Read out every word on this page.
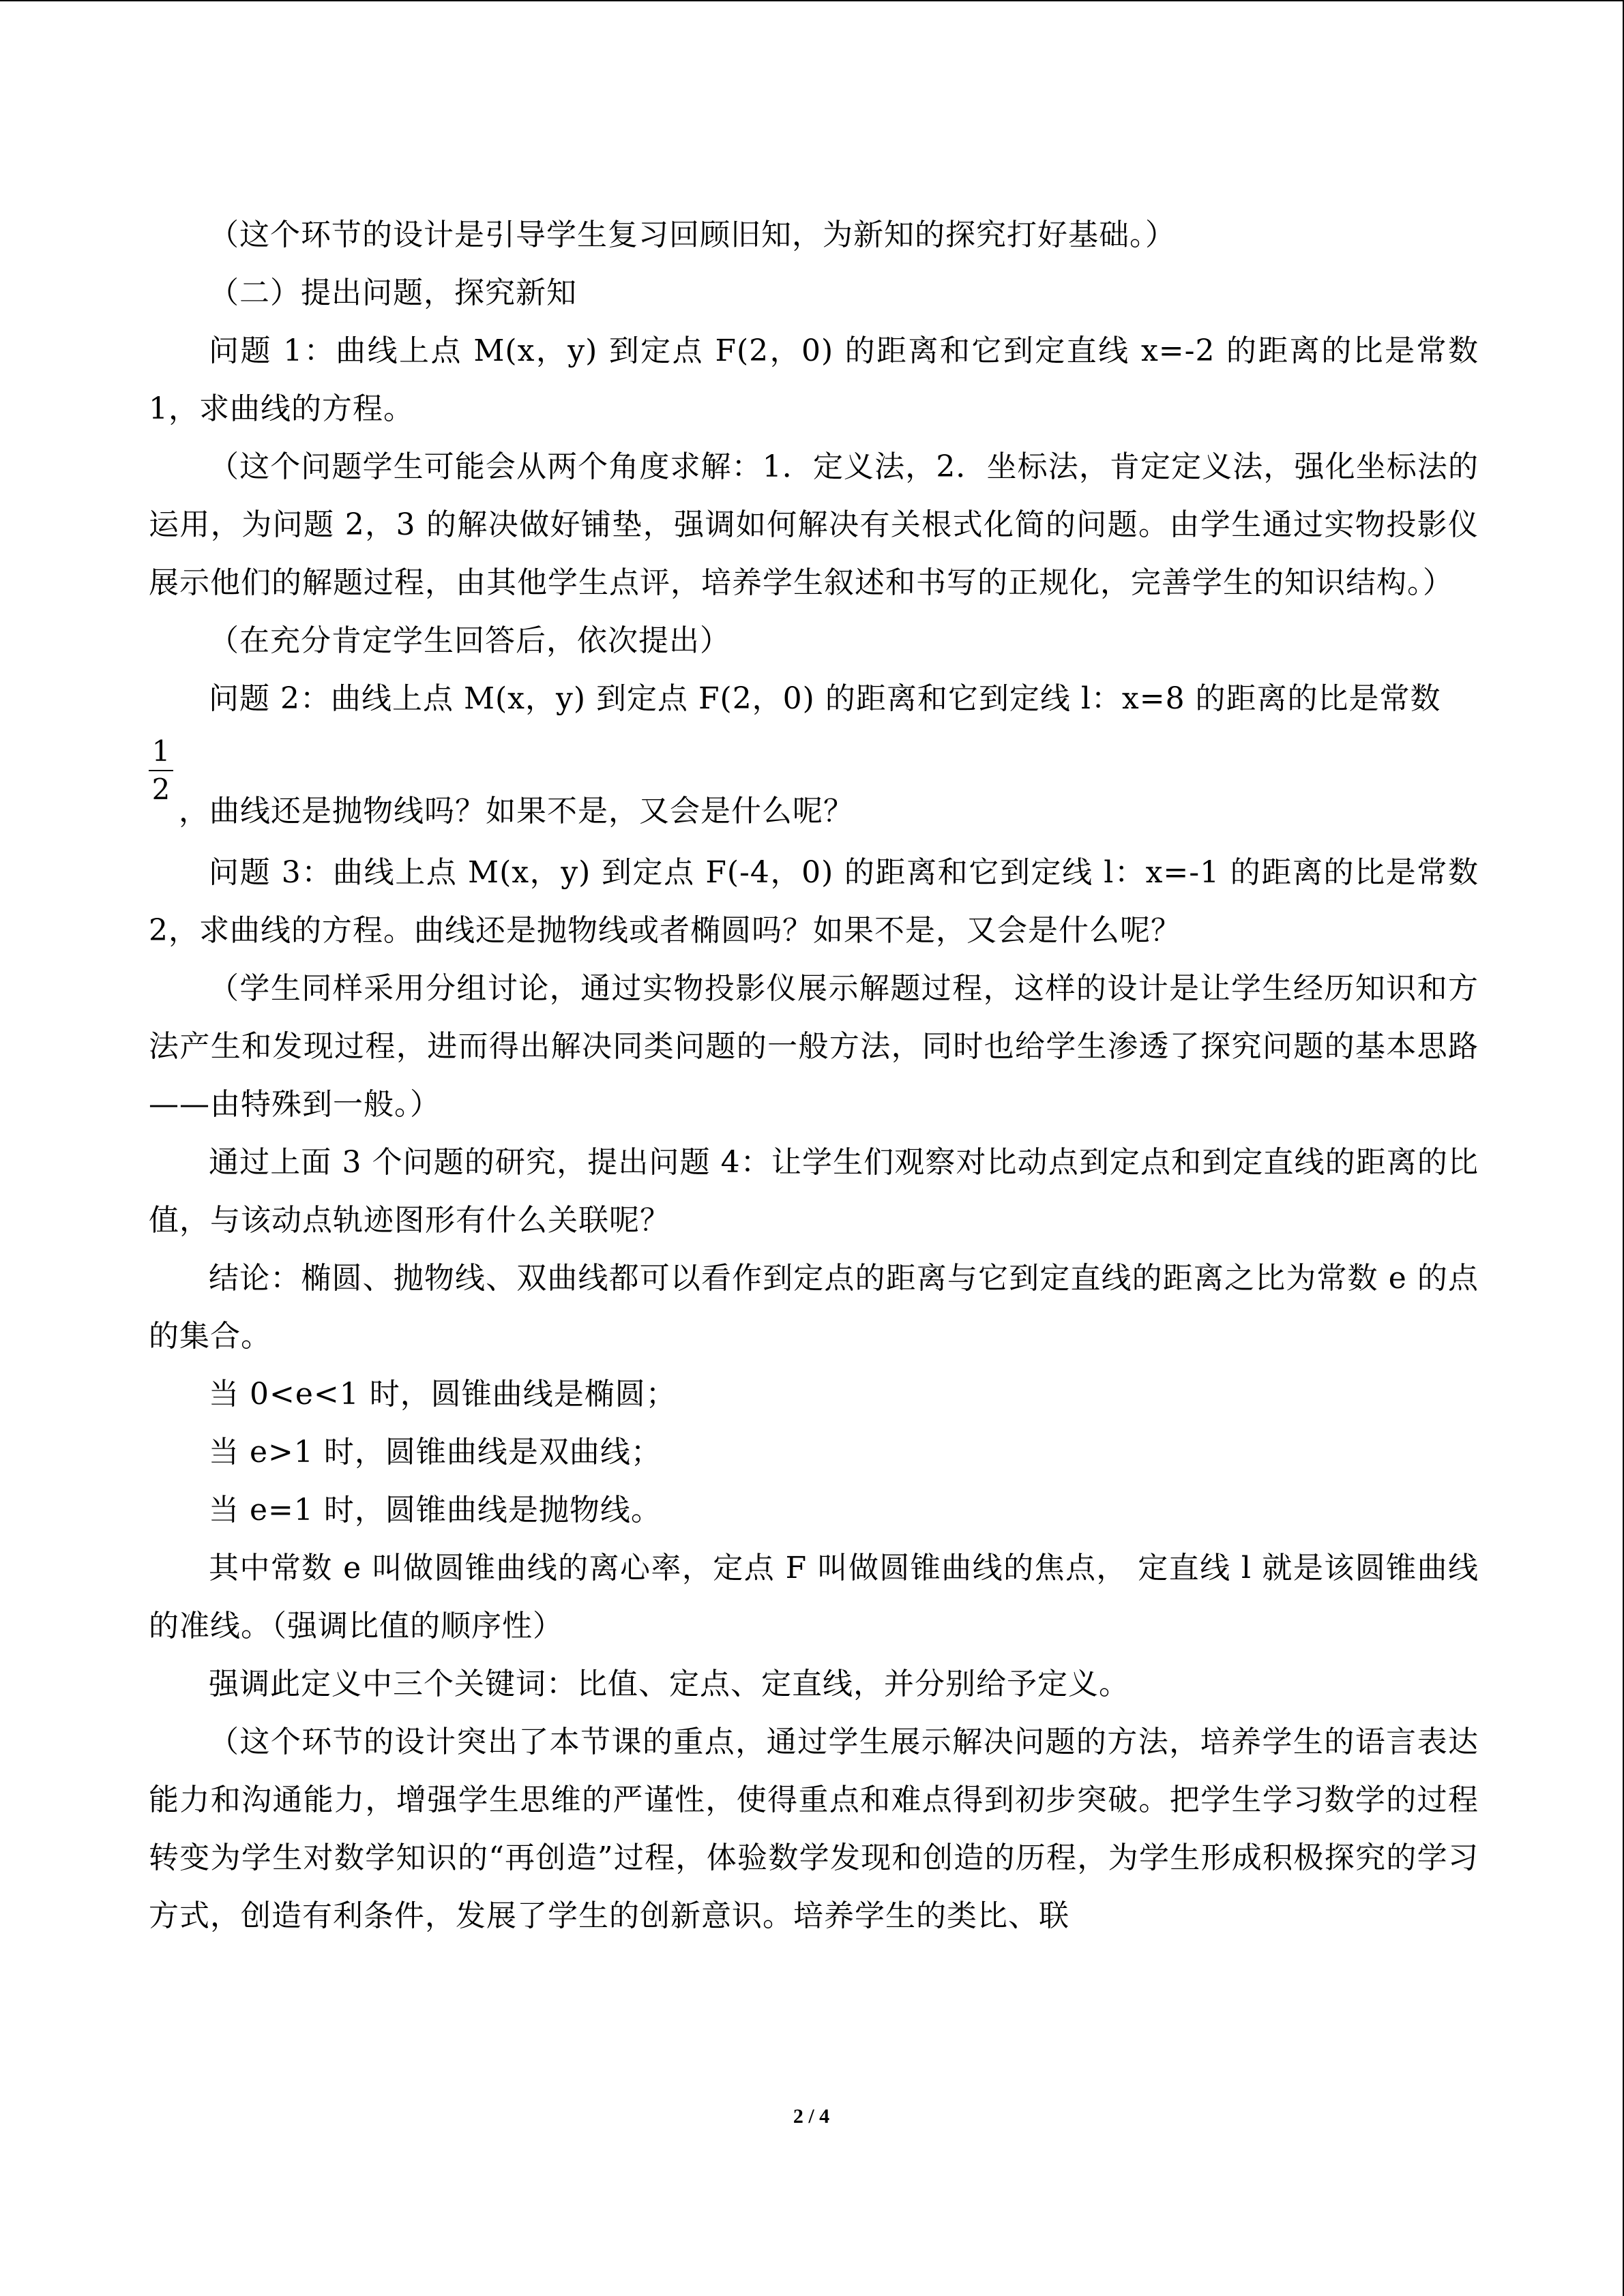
（这个环节的设计是引导学生复习回顾旧知，为新知的探究打好基础。）

（二）提出问题，探究新知

问题 1：曲线上点 M(x，y) 到定点 F(2，0) 的距离和它到定直线 x=-2 的距离的比是常数 1，求曲线的方程。

（这个问题学生可能会从两个角度求解：1．定义法，2．坐标法，肯定定义法，强化坐标法的运用，为问题 2，3 的解决做好铺垫，强调如何解决有关根式化简的问题。由学生通过实物投影仪展示他们的解题过程，由其他学生点评，培养学生叙述和书写的正规化，完善学生的知识结构。）

（在充分肯定学生回答后，依次提出）

问题 2：曲线上点 M(x，y) 到定点 F(2，0) 的距离和它到定线 l：x=8 的距离的比是常数

$\frac{1}{2}$
，曲线还是抛物线吗？如果不是，又会是什么呢？

问题 3：曲线上点 M(x，y) 到定点 F(-4，0) 的距离和它到定线 l：x=-1 的距离的比是常数 2，求曲线的方程。曲线还是抛物线或者椭圆吗？如果不是，又会是什么呢？

（学生同样采用分组讨论，通过实物投影仪展示解题过程，这样的设计是让学生经历知识和方法产生和发现过程，进而得出解决同类问题的一般方法，同时也给学生渗透了探究问题的基本思路——由特殊到一般。）

通过上面 3 个问题的研究，提出问题 4：让学生们观察对比动点到定点和到定直线的距离的比值，与该动点轨迹图形有什么关联呢？

结论：椭圆、抛物线、双曲线都可以看作到定点的距离与它到定直线的距离之比为常数 e 的点的集合。

当 0<e<1 时，圆锥曲线是椭圆；

当 e>1 时，圆锥曲线是双曲线；

当 e=1 时，圆锥曲线是抛物线。

其中常数 e 叫做圆锥曲线的离心率，定点 F 叫做圆锥曲线的焦点， 定直线 l 就是该圆锥曲线的准线。（强调比值的顺序性）

强调此定义中三个关键词：比值、定点、定直线，并分别给予定义。

（这个环节的设计突出了本节课的重点，通过学生展示解决问题的方法，培养学生的语言表达能力和沟通能力，增强学生思维的严谨性，使得重点和难点得到初步突破。把学生学习数学的过程转变为学生对数学知识的“再创造”过程，体验数学发现和创造的历程，为学生形成积极探究的学习方式，创造有利条件，发展了学生的创新意识。培养学生的类比、联

2 / 4
